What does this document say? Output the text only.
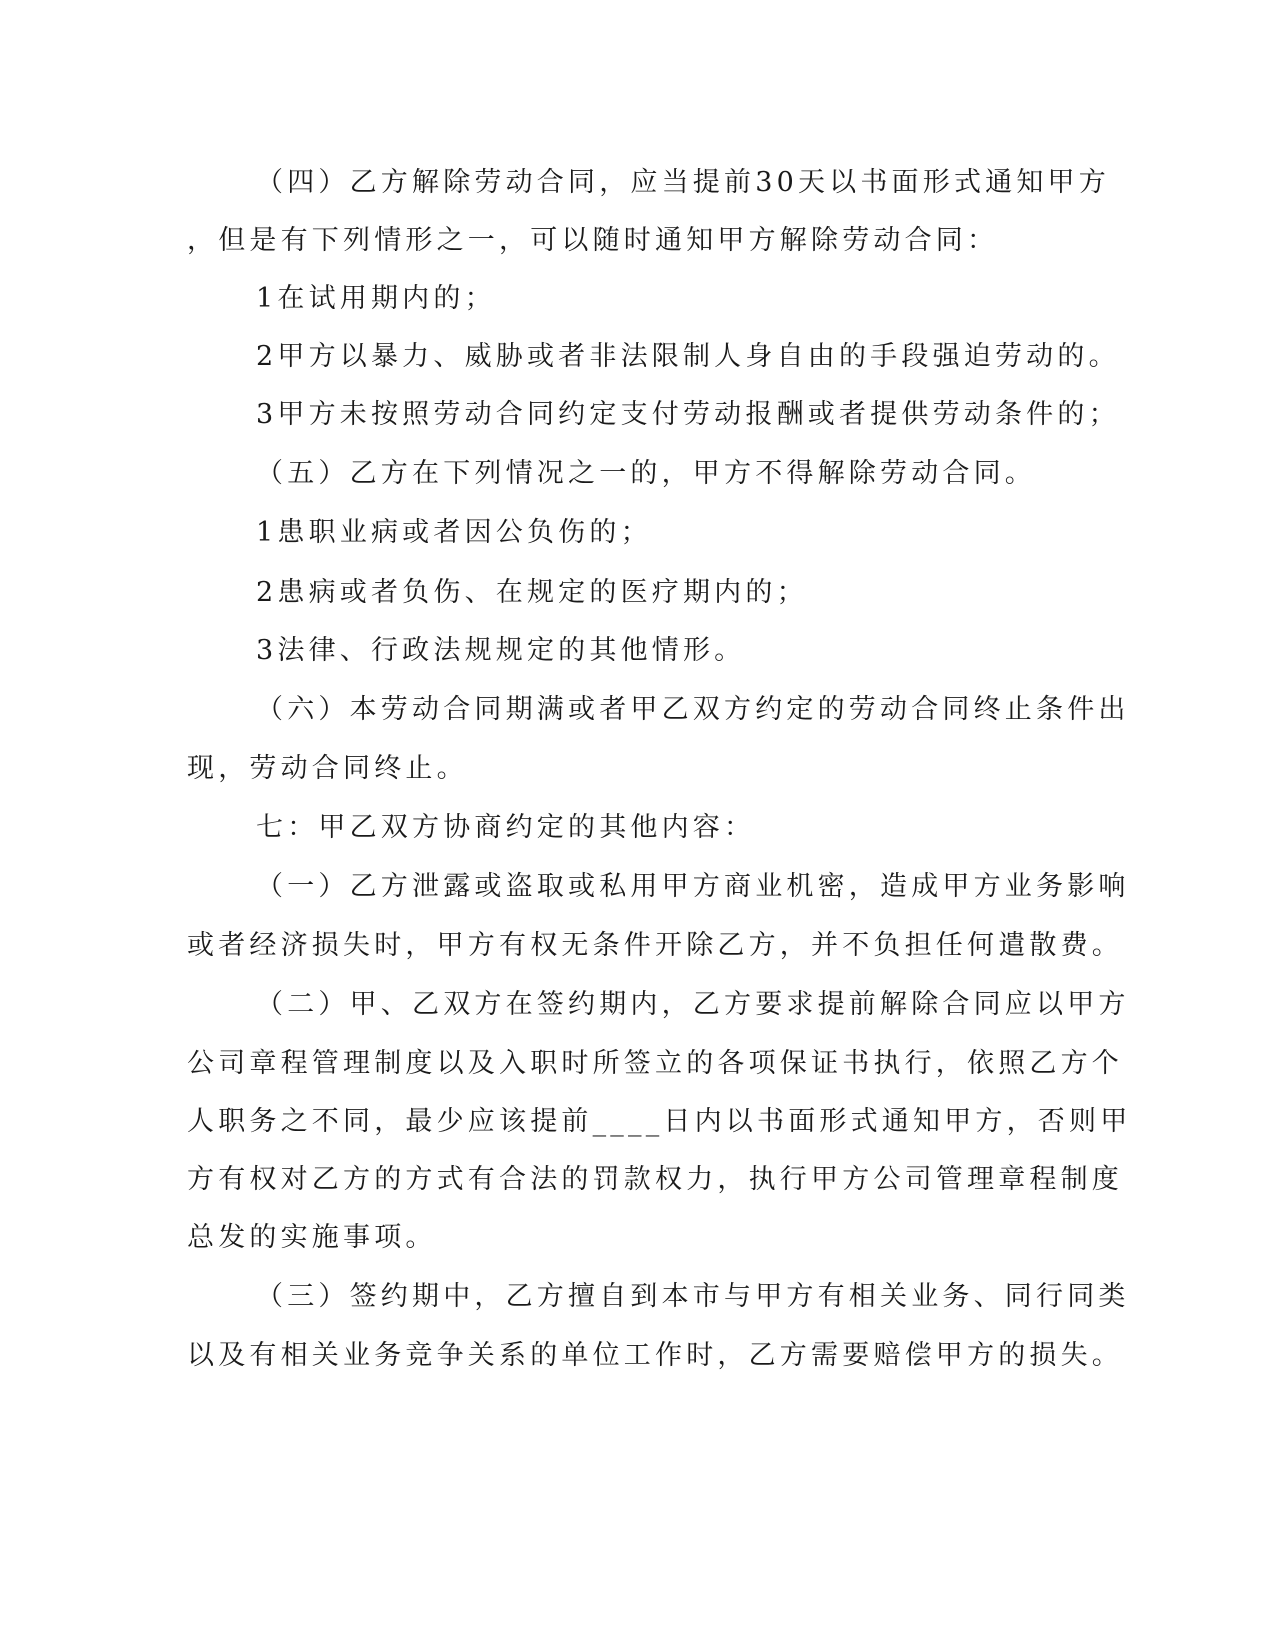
（四）乙方解除劳动合同，应当提前30天以书面形式通知甲方
，但是有下列情形之一，可以随时通知甲方解除劳动合同：
1在试用期内的；
2甲方以暴力、威胁或者非法限制人身自由的手段强迫劳动的。
3甲方未按照劳动合同约定支付劳动报酬或者提供劳动条件的；
（五）乙方在下列情况之一的，甲方不得解除劳动合同。
1患职业病或者因公负伤的；
2患病或者负伤、在规定的医疗期内的；
3法律、行政法规规定的其他情形。
（六）本劳动合同期满或者甲乙双方约定的劳动合同终止条件出
现，劳动合同终止。
七：甲乙双方协商约定的其他内容：
（一）乙方泄露或盗取或私用甲方商业机密，造成甲方业务影响
或者经济损失时，甲方有权无条件开除乙方，并不负担任何遣散费。
（二）甲、乙双方在签约期内，乙方要求提前解除合同应以甲方
公司章程管理制度以及入职时所签立的各项保证书执行，依照乙方个
人职务之不同，最少应该提前____日内以书面形式通知甲方，否则甲
方有权对乙方的方式有合法的罚款权力，执行甲方公司管理章程制度
总发的实施事项。
（三）签约期中，乙方擅自到本市与甲方有相关业务、同行同类
以及有相关业务竞争关系的单位工作时，乙方需要赔偿甲方的损失。
